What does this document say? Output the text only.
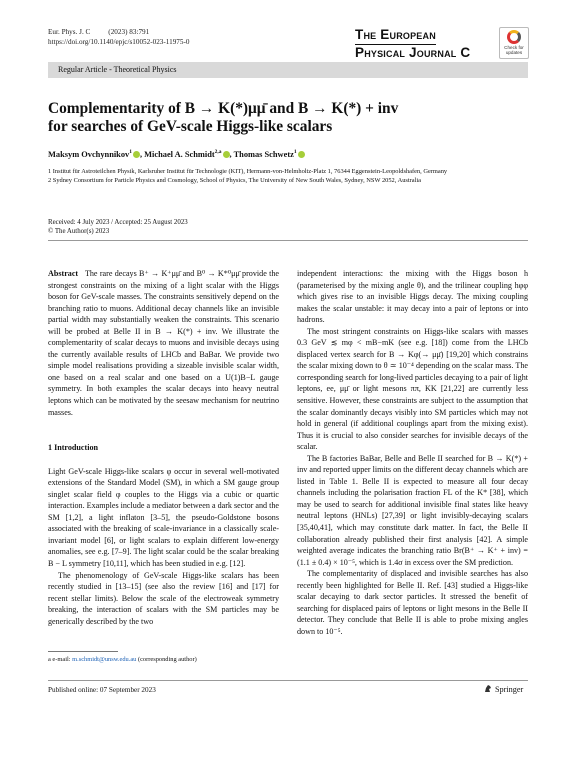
Eur. Phys. J. C          (2023) 83:791
https://doi.org/10.1140/epjc/s10052-023-11975-0	The European
Physical Journal C	Check for updates
Regular Article - Theoretical Physics
Complementarity of B → K(*)μμ̄ and B → K(*) + inv
for searches of GeV-scale Higgs-like scalars
Maksym Ovchynnikov$^1$ , Michael A. Schmidt$^{2,a}$ , Thomas Schwetz$^1$
1 Institut für Astroteilchen Physik, Karlsruher Institut für Technologie (KIT), Hermann-von-Helmholtz-Platz 1, 76344 Eggenstein-Leopoldshafen, Germany
2 Sydney Consortium for Particle Physics and Cosmology, School of Physics, The University of New South Wales, Sydney, NSW 2052, Australia
Received: 4 July 2023 / Accepted: 25 August 2023
© The Author(s) 2023

Abstract The rare decays B⁺ → K⁺μμ̄ and B⁰ → K*⁰μμ̄ provide the strongest constraints on the mixing of a light scalar with the Higgs boson for GeV-scale masses. The constraints sensitively depend on the branching ratio to muons. Additional decay channels like an invisible partial width may substantially weaken the constraints. This scenario will be probed at Belle II in B → K(*) + inv. We illustrate the complementarity of scalar decays to muons and invisible decays using the currently available results of LHCb and BaBar. We provide two simple model realisations providing a sizeable invisible scalar width, one based on a real scalar and one based on a U(1)B−L gauge symmetry. In both examples the scalar decays into heavy neutral leptons which can be motivated by the seesaw mechanism for neutrino masses.

1 Introduction

Light GeV-scale Higgs-like scalars φ occur in several well-motivated extensions of the Standard Model (SM), in which a SM gauge group singlet scalar field φ couples to the Higgs via a cubic or quartic interaction. Examples include a mediator between a dark sector and the SM [1,2], a light inflaton [3–5], the pseudo-Goldstone bosons associated with the breaking of scale-invariance in a classically scale-invariant model [6], or light scalars to explain different low-energy anomalies, see e.g. [7–9]. The light scalar could be the scalar breaking B − L symmetry [10,11], which has been studied in e.g. [12].

The phenomenology of GeV-scale Higgs-like scalars has been recently studied in [13–15] (see also the review [16] and [17] for recent stellar limits). Below the scale of the electroweak symmetry breaking, the interaction of scalars with the SM particles may be generically described by the two

independent interactions: the mixing with the Higgs boson h (parameterised by the mixing angle θ), and the trilinear coupling hφφ which gives rise to an invisible Higgs decay. The mixing coupling makes the scalar unstable: it may decay into a pair of leptons or into hadrons.

The most stringent constraints on Higgs-like scalars with masses 0.3 GeV ≲ mφ < mB−mK (see e.g. [18]) come from the LHCb displaced vertex search for B → Kφ(→ μμ̄) [19,20] which constrains the scalar mixing down to θ ≃ 10⁻⁴ depending on the scalar mass. The corresponding search for long-lived particles decaying to a pair of light leptons, ee, μμ̄ or light mesons ππ, KK [21,22] are currently less sensitive. However, these constraints are subject to the assumption that the scalar dominantly decays visibly into SM particles which may not hold in general (if additional couplings apart from the mixing exist). Thus it is crucial to also consider searches for invisible decays of the scalar.

The B factories BaBar, Belle and Belle II searched for B → K(*) + inv and reported upper limits on the different decay channels which are listed in Table 1. Belle II is expected to measure all four decay channels including the polarisation fraction FL of the K* [38], which may be used to search for additional invisible final states like heavy neutral leptons (HNLs) [27,39] or light invisibly-decaying scalars [35,40,41], which may constitute dark matter. In fact, the Belle II collaboration already published their first analysis [42]. A simple weighted average indicates the branching ratio Br(B⁺ → K⁺ + inv) = (1.1 ± 0.4) × 10⁻⁵, which is 1.4σ in excess over the SM prediction.

The complementarity of displaced and invisible searches has also recently been highlighted for Belle II. Ref. [43] studied a Higgs-like scalar decaying to dark sector particles. It stressed the benefit of searching for displaced pairs of leptons or light mesons in the Belle II detector. They conclude that Belle II is able to probe mixing angles down to 10⁻⁵.

a e-mail: m.schmidt@unsw.edu.au (corresponding author)
Published online: 07 September 2023	Springer
